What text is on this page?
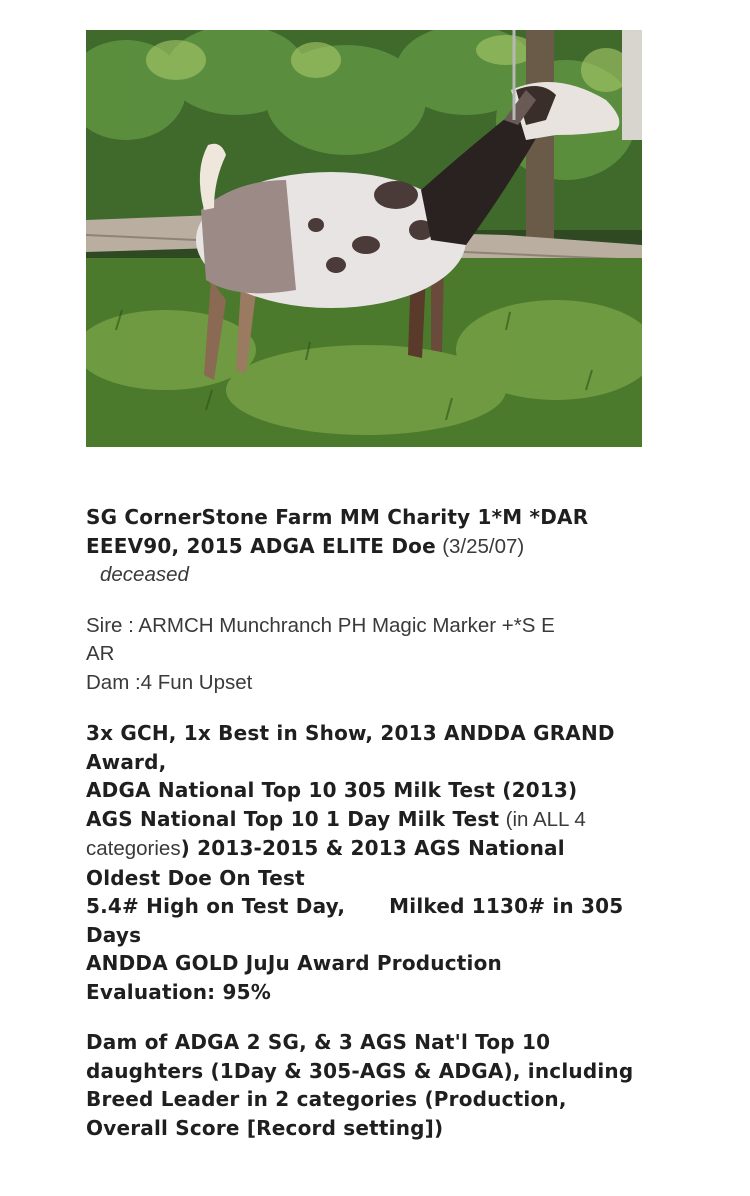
SG CornerStone Farm MM Charity 1*M *DAR
EEEV90, 2015 ADGA ELITE Doe (3/25/07)
deceased
Sire : ARMCH Munchranch PH Magic Marker +*S E
AR
Dam :4 Fun Upset
3x GCH, 1x Best in Show, 2013 ANDDA GRAND
Award,
ADGA National Top 10 305 Milk Test (2013)
AGS National Top 10 1 Day Milk Test (in ALL 4
categories) 2013-2015 & 2013 AGS National
Oldest Doe On Test
5.4# High on Test Day, Milked 1130# in 305
Days
ANDDA GOLD JuJu Award Production
Evaluation: 95%
Dam of ADGA 2 SG, & 3 AGS Nat'l Top 10
daughters (1Day & 305-AGS & ADGA), including
Breed Leader in 2 categories (Production,
Overall Score [Record setting])
